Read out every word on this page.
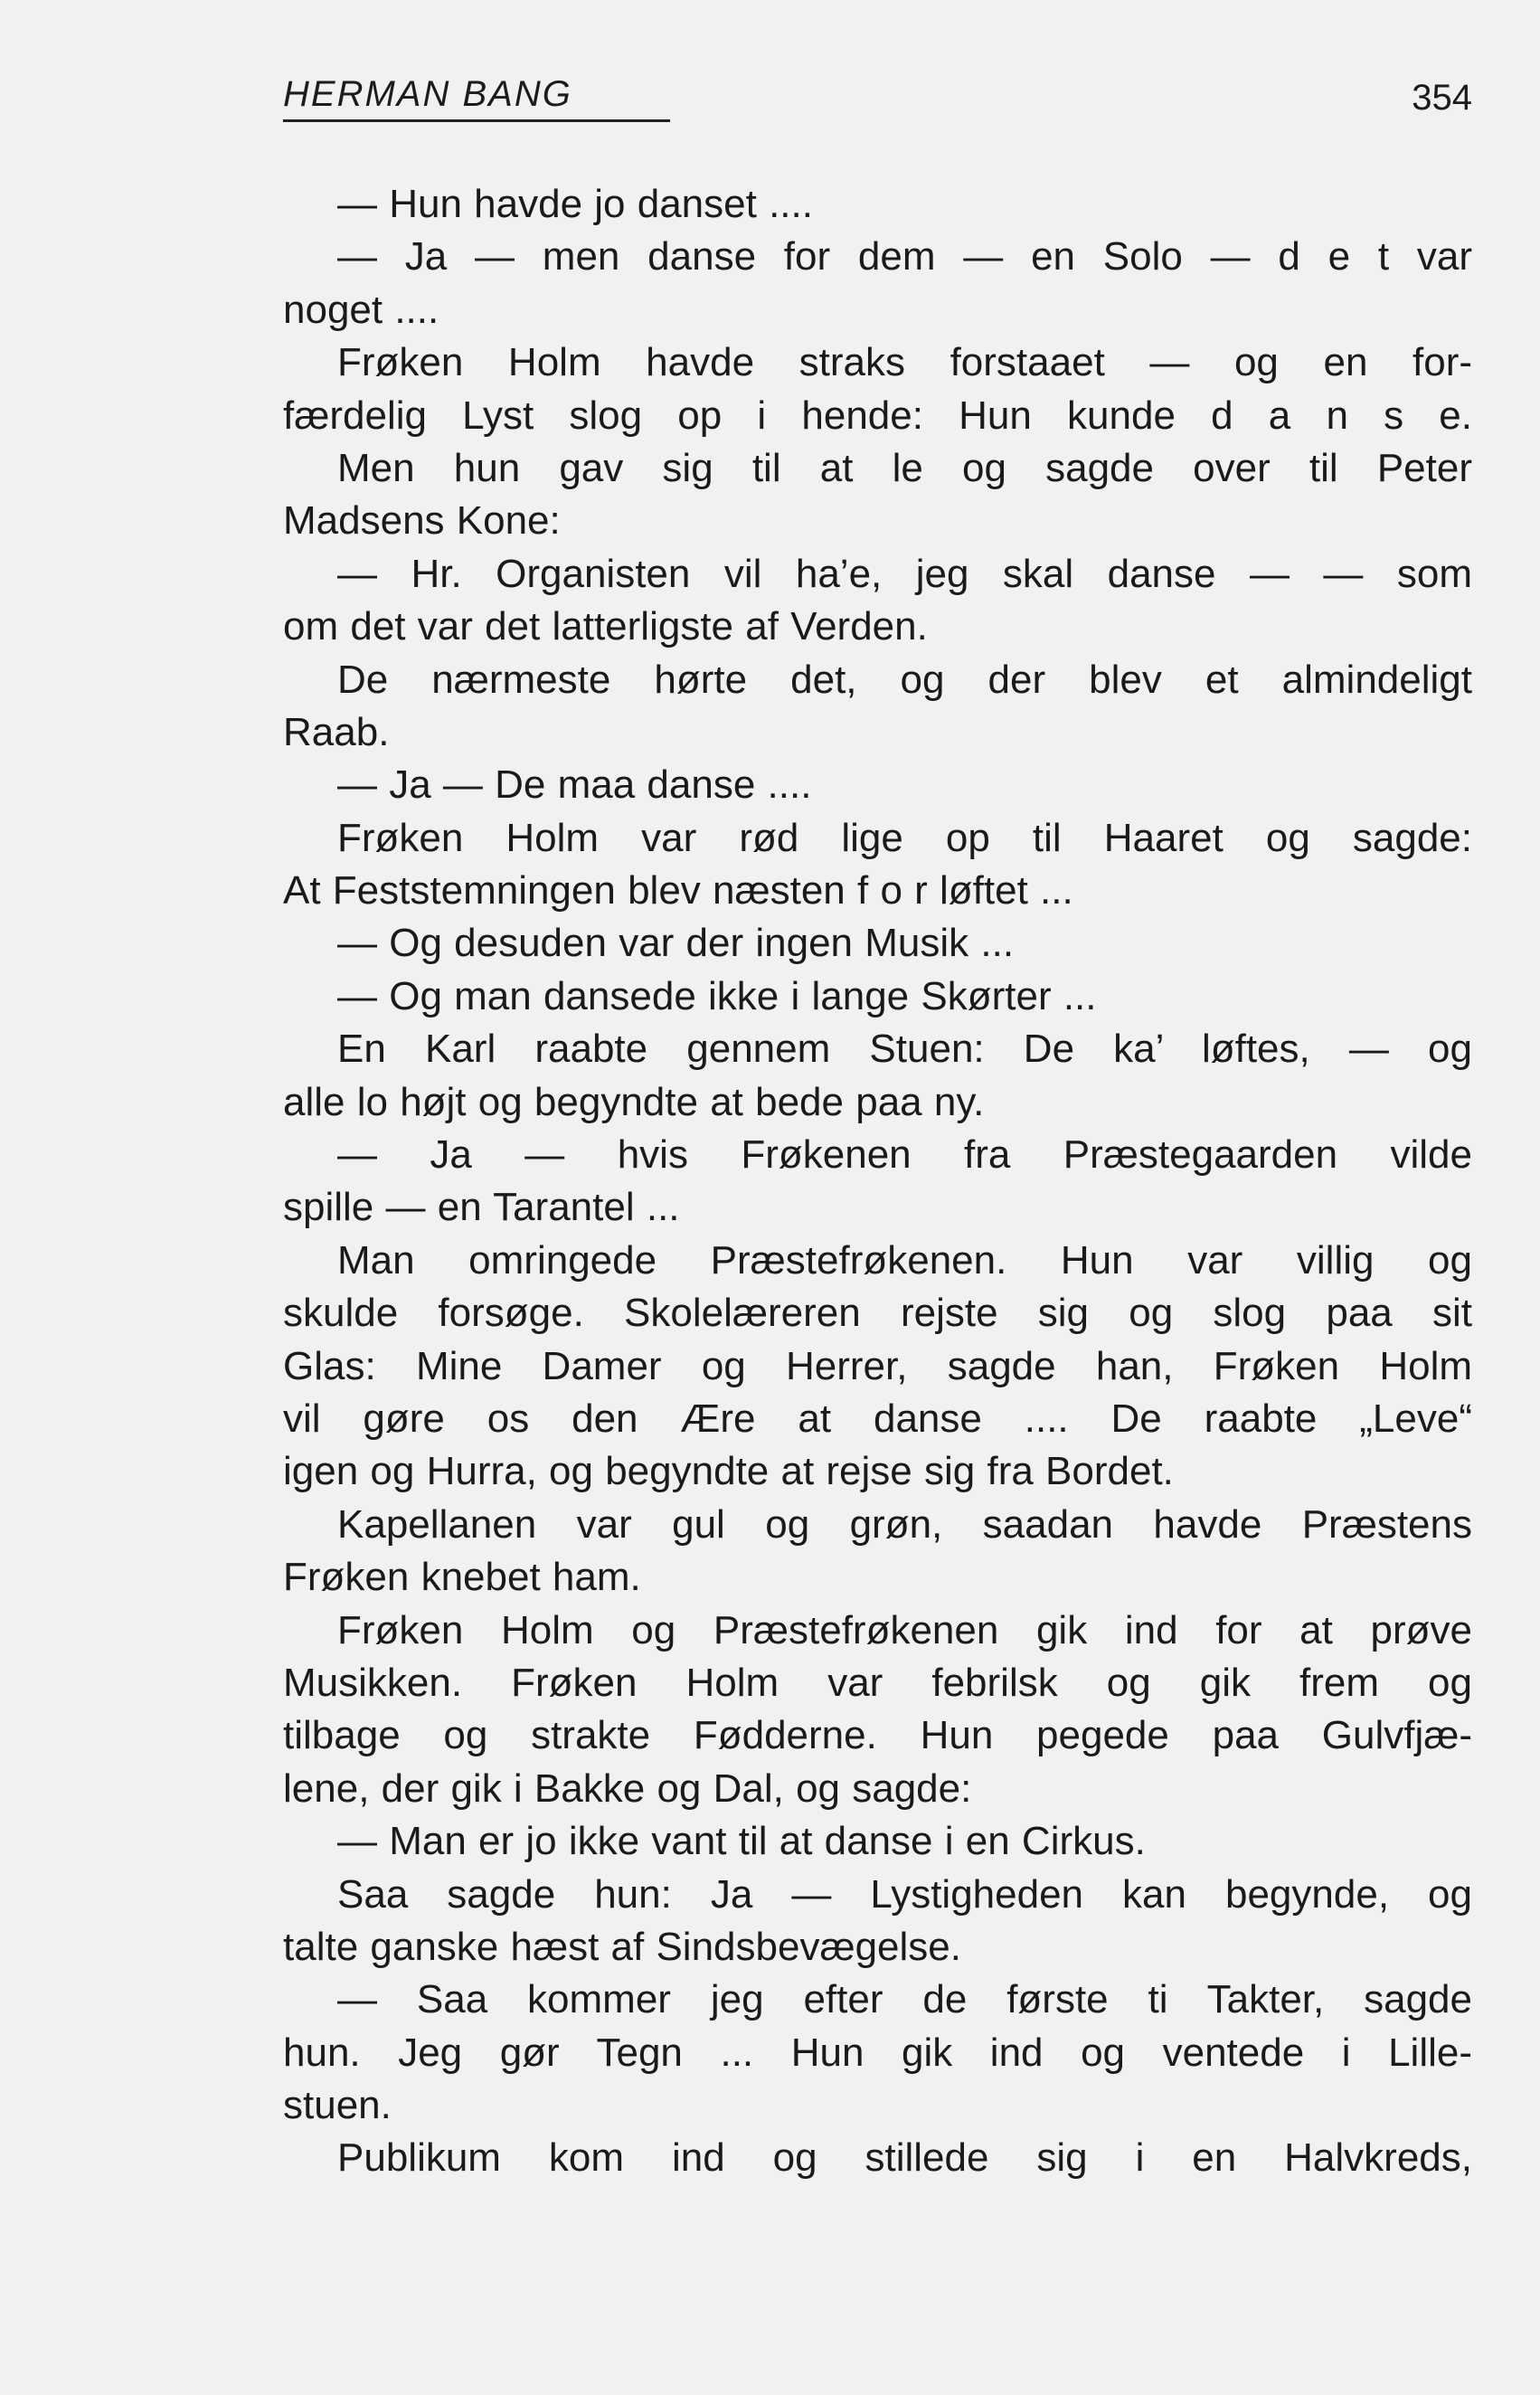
HERMAN BANG	354
— Hun havde jo danset ....
— Ja — men danse for dem — en Solo — d e t var
noget ....
Frøken Holm havde straks forstaaet — og en for-
færdelig Lyst slog op i hende: Hun kunde d a n s e.
Men hun gav sig til at le og sagde over til Peter
Madsens Kone:
— Hr. Organisten vil ha’e, jeg skal danse — — som
om det var det latterligste af Verden.
De nærmeste hørte det, og der blev et almindeligt
Raab.
— Ja — De maa danse ....
Frøken Holm var rød lige op til Haaret og sagde:
At Feststemningen blev næsten f o r løftet ...
— Og desuden var der ingen Musik ...
— Og man dansede ikke i lange Skørter ...
En Karl raabte gennem Stuen: De ka’ løftes, — og
alle lo højt og begyndte at bede paa ny.
— Ja — hvis Frøkenen fra Præstegaarden vilde
spille — en Tarantel ...
Man omringede Præstefrøkenen. Hun var villig og
skulde forsøge. Skolelæreren rejste sig og slog paa sit
Glas: Mine Damer og Herrer, sagde han, Frøken Holm
vil gøre os den Ære at danse .... De raabte „Leve“
igen og Hurra, og begyndte at rejse sig fra Bordet.
Kapellanen var gul og grøn, saadan havde Præstens
Frøken knebet ham.
Frøken Holm og Præstefrøkenen gik ind for at prøve
Musikken. Frøken Holm var febrilsk og gik frem og
tilbage og strakte Fødderne. Hun pegede paa Gulvfjæ-
lene, der gik i Bakke og Dal, og sagde:
— Man er jo ikke vant til at danse i en Cirkus.
Saa sagde hun: Ja — Lystigheden kan begynde, og
talte ganske hæst af Sindsbevægelse.
— Saa kommer jeg efter de første ti Takter, sagde
hun. Jeg gør Tegn ... Hun gik ind og ventede i Lille-
stuen.
Publikum kom ind og stillede sig i en Halvkreds,
